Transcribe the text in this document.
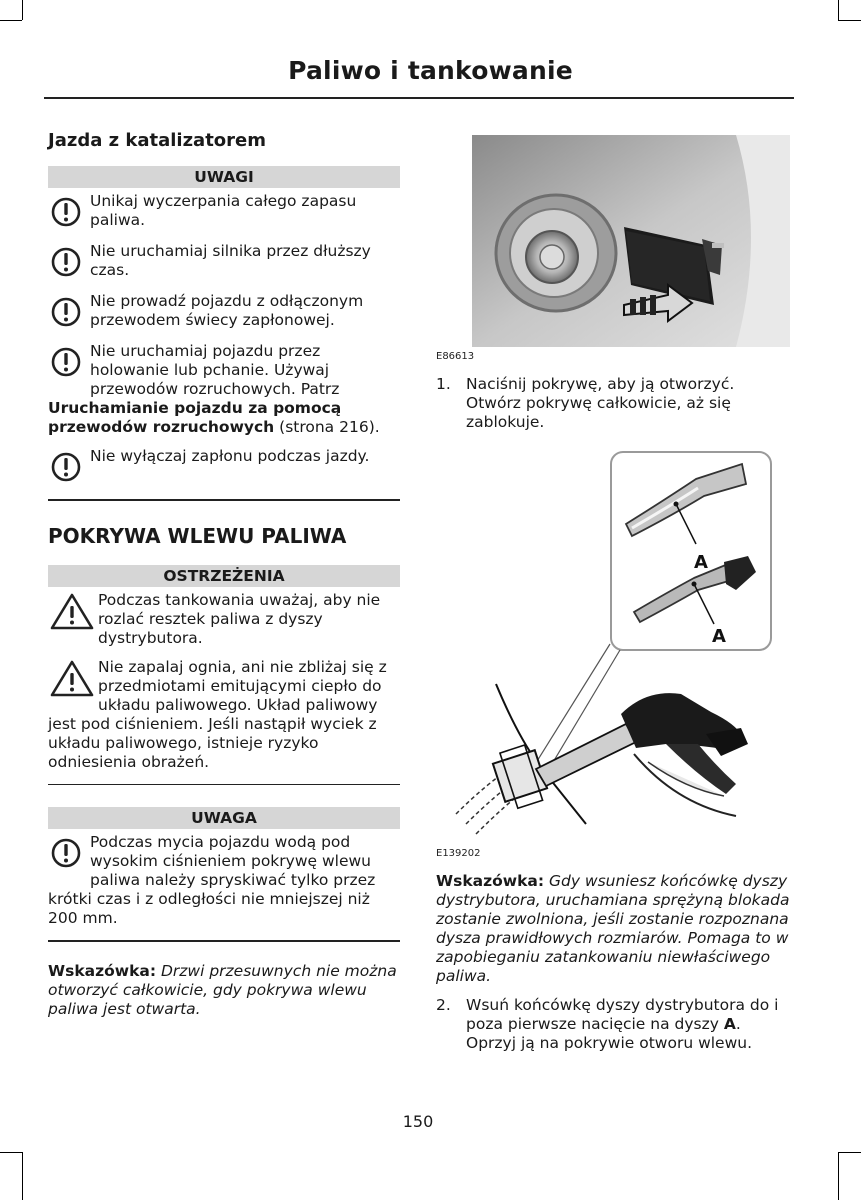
Paliwo i tankowanie
Jazda z katalizatorem
UWAGI
Unikaj wyczerpania całego zapasu paliwa.
Nie uruchamiaj silnika przez dłuższy czas.
Nie prowadź pojazdu z odłączonym przewodem świecy zapłonowej.
Nie uruchamiaj pojazdu przez holowanie lub pchanie. Używaj przewodów rozruchowych. Patrz Uruchamianie pojazdu za pomocą przewodów rozruchowych (strona 216).
Nie wyłączaj zapłonu podczas jazdy.
POKRYWA WLEWU PALIWA
OSTRZEŻENIA
Podczas tankowania uważaj, aby nie rozlać resztek paliwa z dyszy dystrybutora.
Nie zapalaj ognia, ani nie zbliżaj się z przedmiotami emitującymi ciepło do układu paliwowego. Układ paliwowy jest pod ciśnieniem. Jeśli nastąpił wyciek z układu paliwowego, istnieje ryzyko odniesienia obrażeń.
UWAGA
Podczas mycia pojazdu wodą pod wysokim ciśnieniem pokrywę wlewu paliwa należy spryskiwać tylko przez krótki czas i z odległości nie mniejszej niż 200 mm.
Wskazówka: Drzwi przesuwnych nie można otworzyć całkowicie, gdy pokrywa wlewu paliwa jest otwarta.
E86613
1. Naciśnij pokrywę, aby ją otworzyć. Otwórz pokrywę całkowicie, aż się zablokuje.
A
A
E139202
Wskazówka: Gdy wsuniesz końcówkę dyszy dystrybutora, uruchamiana sprężyną blokada zostanie zwolniona, jeśli zostanie rozpoznana dysza prawidłowych rozmiarów. Pomaga to w zapobieganiu zatankowaniu niewłaściwego paliwa.
2. Wsuń końcówkę dyszy dystrybutora do i poza pierwsze nacięcie na dyszy A. Oprzyj ją na pokrywie otworu wlewu.
150
